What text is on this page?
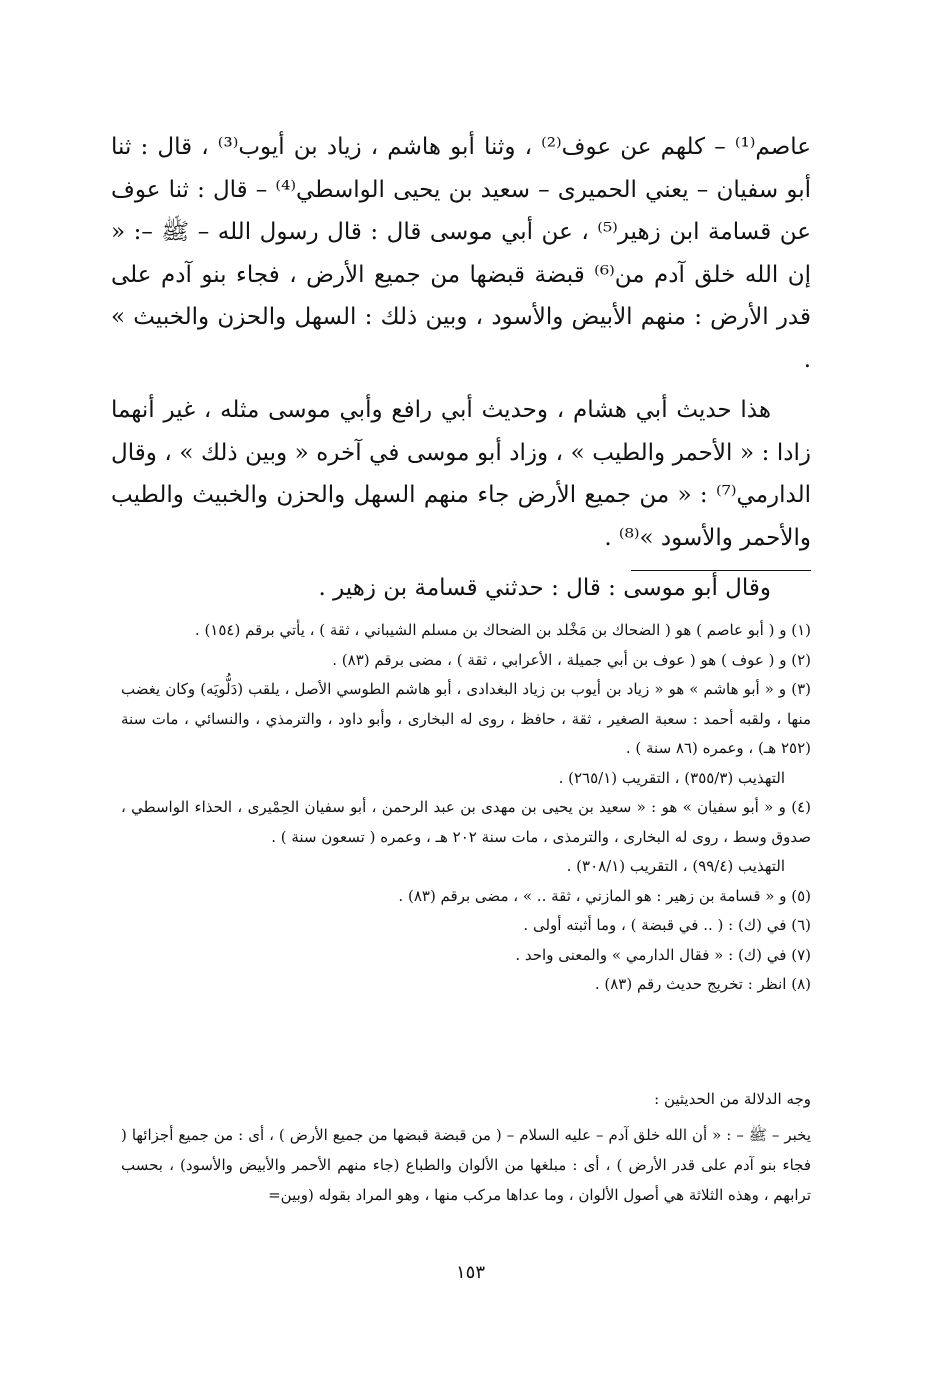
عاصم⁽¹⁾ – كلهم عن عوف⁽²⁾ ، وثنا أبو هاشم ، زياد بن أيوب⁽³⁾ ، قال : ثنا أبو سفيان – يعني الحميرى – سعيد بن يحيى الواسطي⁽⁴⁾ – قال : ثنا عوف عن قسامة ابن زهير⁽⁵⁾ ، عن أبي موسى قال : قال رسول الله – ﷺ –: « إن الله خلق آدم من⁽⁶⁾ قبضة قبضها من جميع الأرض ، فجاء بنو آدم على قدر الأرض : منهم الأبيض والأسود ، وبين ذلك : السهل والحزن والخبيث » .

هذا حديث أبي هشام ، وحديث أبي رافع وأبي موسى مثله ، غير أنهما زادا : « الأحمر والطيب » ، وزاد أبو موسى في آخره « وبين ذلك » ، وقال الدارمي⁽⁷⁾ : « من جميع الأرض جاء منهم السهل والحزن والخبيث والطيب والأحمر والأسود »⁽⁸⁾ .

وقال أبو موسى : قال : حدثني قسامة بن زهير .

(١) و ( أبو عاصم ) هو ( الضحاك بن مَخْلد بن الضحاك بن مسلم الشيباني ، ثقة ) ، يأتي برقم (١٥٤) .

(٢) و ( عوف ) هو ( عوف بن أبي جميلة ، الأعرابي ، ثقة ) ، مضى برقم (٨٣) .

(٣) و « أبو هاشم » هو « زياد بن أيوب بن زياد البغدادى ، أبو هاشم الطوسي الأصل ، يلقب (دَلُّويَه) وكان يغضب منها ، ولقبه أحمد : سعبة الصغير ، ثقة ، حافظ ، روى له البخارى ، وأبو داود ، والترمذي ، والنسائي ، مات سنة (٢٥٢ هـ) ، وعمره (٨٦ سنة ) .

التهذيب (٣٥٥/٣) ، التقريب (٢٦٥/١) .

(٤) و « أبو سفيان » هو : « سعيد بن يحيى بن مهدى بن عبد الرحمن ، أبو سفيان الحِمْيرى ، الحذاء الواسطي ، صدوق وسط ، روى له البخارى ، والترمذى ، مات سنة ٢٠٢ هـ ، وعمره ( تسعون سنة ) .

التهذيب (٩٩/٤) ، التقريب (٣٠٨/١) .

(٥) و « قسامة بن زهير : هو المازني ، ثقة .. » ، مضى برقم (٨٣) .

(٦) في (ك) : ( .. في قبضة ) ، وما أثبته أولى .

(٧) في (ك) : « فقال الدارمي » والمعنى واحد .

(٨) انظر : تخريج حديث رقم (٨٣) .

وجه الدلالة من الحديثين :

يخبر – ﷺ – : « أن الله خلق آدم – عليه السلام – ( من قبضة قبضها من جميع الأرض ) ، أى : من جميع أجزائها ( فجاء بنو آدم على قدر الأرض ) ، أى : مبلغها من الألوان والطباع (جاء منهم الأحمر والأبيض والأسود) ، بحسب ترابهم ، وهذه الثلاثة هي أصول الألوان ، وما عداها مركب منها ، وهو المراد بقوله (وبين=

١٥٣
